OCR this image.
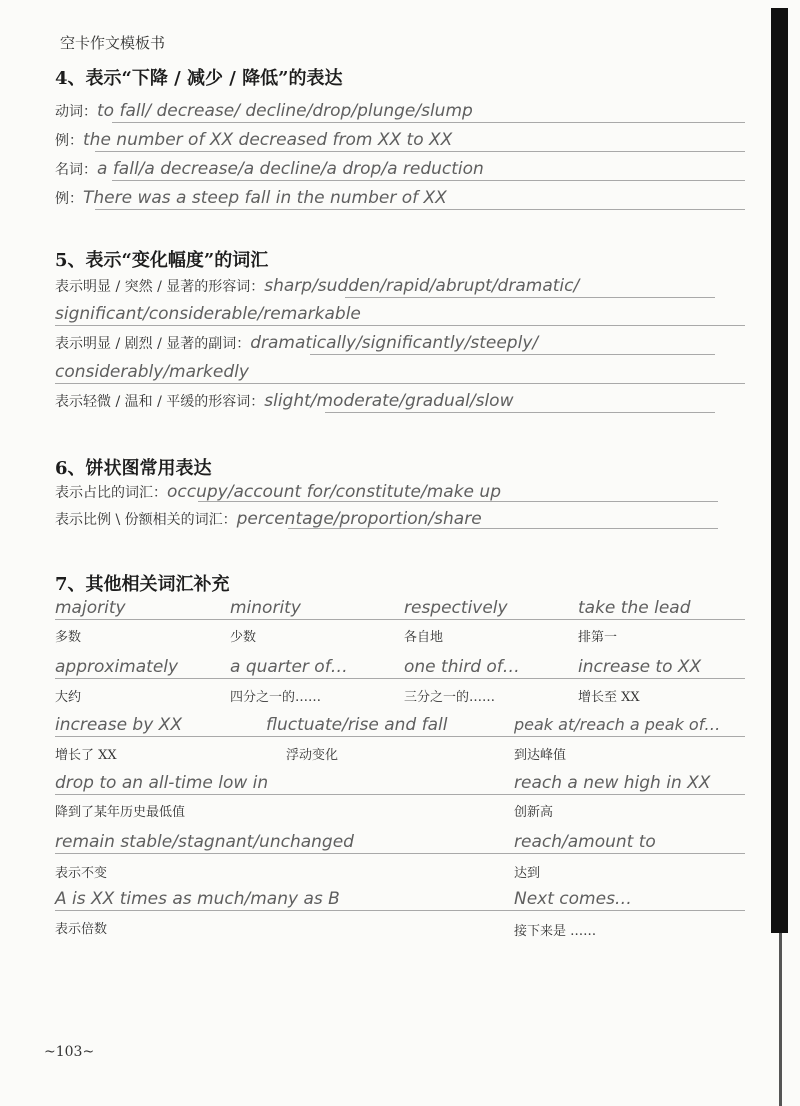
空卡作文模板书
4、表示“下降 / 减少 / 降低”的表达
动词：to fall/ decrease/ decline/drop/plunge/slump
例：the number of XX decreased from XX to XX
名词：a fall/a decrease/a decline/a drop/a reduction
例：There was a steep fall in the number of XX
5、表示“变化幅度”的词汇
表示明显 / 突然 / 显著的形容词：sharp/sudden/rapid/abrupt/dramatic/
significant/considerable/remarkable
表示明显 / 剧烈 / 显著的副词：dramatically/significantly/steeply/
considerably/markedly
表示轻微 / 温和 / 平缓的形容词：slight/moderate/gradual/slow
6、饼状图常用表达
表示占比的词汇：occupy/account for/constitute/make up
表示比例 \ 份额相关的词汇：percentage/proportion/share
7、其他相关词汇补充
majority	minority	respectively	take the lead
多数	少数	各自地	排第一
approximately	a quarter of…	one third of…	increase to XX
大约	四分之一的……	三分之一的……	增长至 XX
increase by XX	fluctuate/rise and fall	peak at/reach a peak of…
增长了 XX	浮动变化	到达峰值
drop to an all-time low in	reach a new high in XX
降到了某年历史最低值	创新高
remain stable/stagnant/unchanged	reach/amount to
表示不变	达到
A is XX times as much/many as B	Next comes…
表示倍数	接下来是 ……
~103~
